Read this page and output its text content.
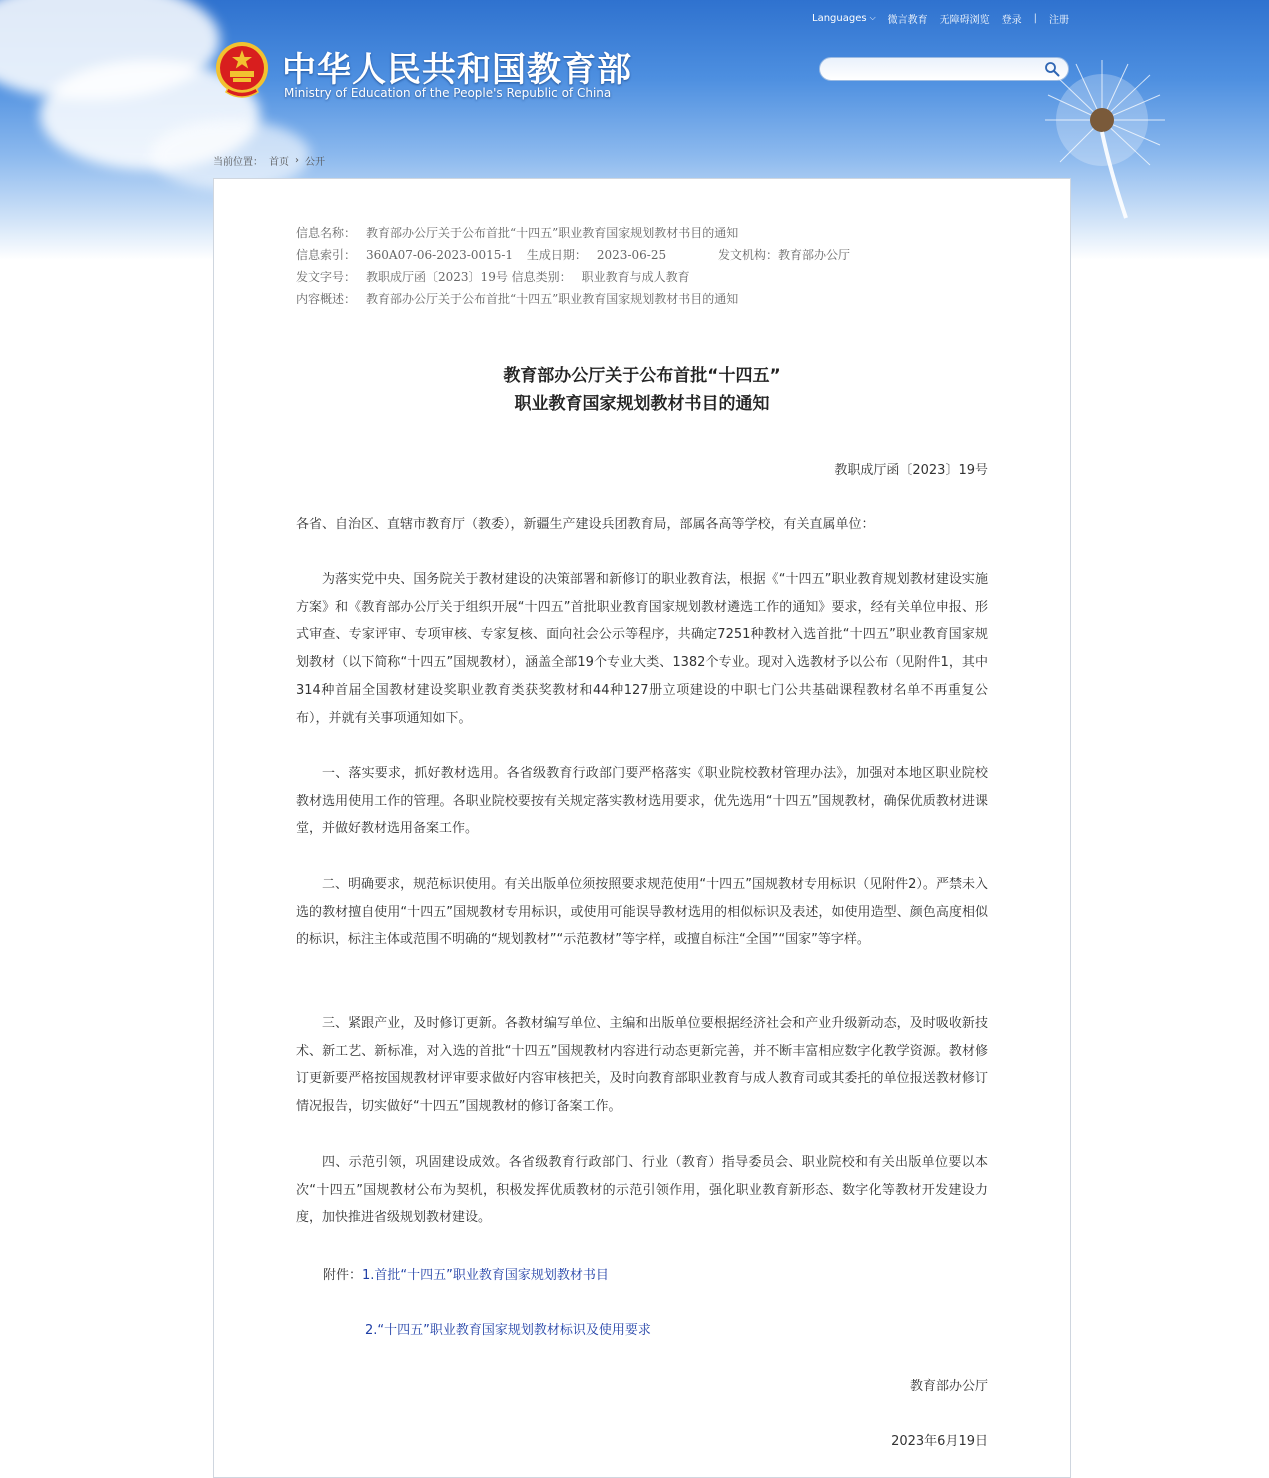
Languages ⌵ 微言教育 无障碍浏览 登录 | 注册
中华人民共和国教育部
Ministry of Education of the People's Republic of China
当前位置： 首页 › 公开
信息名称： 教育部办公厅关于公布首批“十四五”职业教育国家规划教材书目的通知
信息索引： 360A07-06-2023-0015-1 生成日期： 2023-06-25	发文机构： 教育部办公厅
发文字号： 教职成厅函〔2023〕19号 信息类别： 职业教育与成人教育
内容概述： 教育部办公厅关于公布首批“十四五”职业教育国家规划教材书目的通知
教育部办公厅关于公布首批“十四五”
职业教育国家规划教材书目的通知
教职成厅函〔2023〕19号

各省、自治区、直辖市教育厅（教委），新疆生产建设兵团教育局，部属各高等学校，有关直属单位：

为落实党中央、国务院关于教材建设的决策部署和新修订的职业教育法，根据《“十四五”职业教育规划教材建设实施方案》和《教育部办公厅关于组织开展“十四五”首批职业教育国家规划教材遴选工作的通知》要求，经有关单位申报、形式审查、专家评审、专项审核、专家复核、面向社会公示等程序，共确定7251种教材入选首批“十四五”职业教育国家规划教材（以下简称“十四五”国规教材），涵盖全部19个专业大类、1382个专业。现对入选教材予以公布（见附件1，其中314种首届全国教材建设奖职业教育类获奖教材和44种127册立项建设的中职七门公共基础课程教材名单不再重复公布），并就有关事项通知如下。

一、落实要求，抓好教材选用。各省级教育行政部门要严格落实《职业院校教材管理办法》，加强对本地区职业院校教材选用使用工作的管理。各职业院校要按有关规定落实教材选用要求，优先选用“十四五”国规教材，确保优质教材进课堂，并做好教材选用备案工作。

二、明确要求，规范标识使用。有关出版单位须按照要求规范使用“十四五”国规教材专用标识（见附件2）。严禁未入选的教材擅自使用“十四五”国规教材专用标识，或使用可能误导教材选用的相似标识及表述，如使用造型、颜色高度相似的标识，标注主体或范围不明确的“规划教材”“示范教材”等字样，或擅自标注“全国”“国家”等字样。

三、紧跟产业，及时修订更新。各教材编写单位、主编和出版单位要根据经济社会和产业升级新动态，及时吸收新技术、新工艺、新标准，对入选的首批“十四五”国规教材内容进行动态更新完善，并不断丰富相应数字化教学资源。教材修订更新要严格按国规教材评审要求做好内容审核把关，及时向教育部职业教育与成人教育司或其委托的单位报送教材修订情况报告，切实做好“十四五”国规教材的修订备案工作。

四、示范引领，巩固建设成效。各省级教育行政部门、行业（教育）指导委员会、职业院校和有关出版单位要以本次“十四五”国规教材公布为契机，积极发挥优质教材的示范引领作用，强化职业教育新形态、数字化等教材开发建设力度，加快推进省级规划教材建设。

附件：1.首批“十四五”职业教育国家规划教材书目
2.“十四五”职业教育国家规划教材标识及使用要求
教育部办公厅
2023年6月19日
